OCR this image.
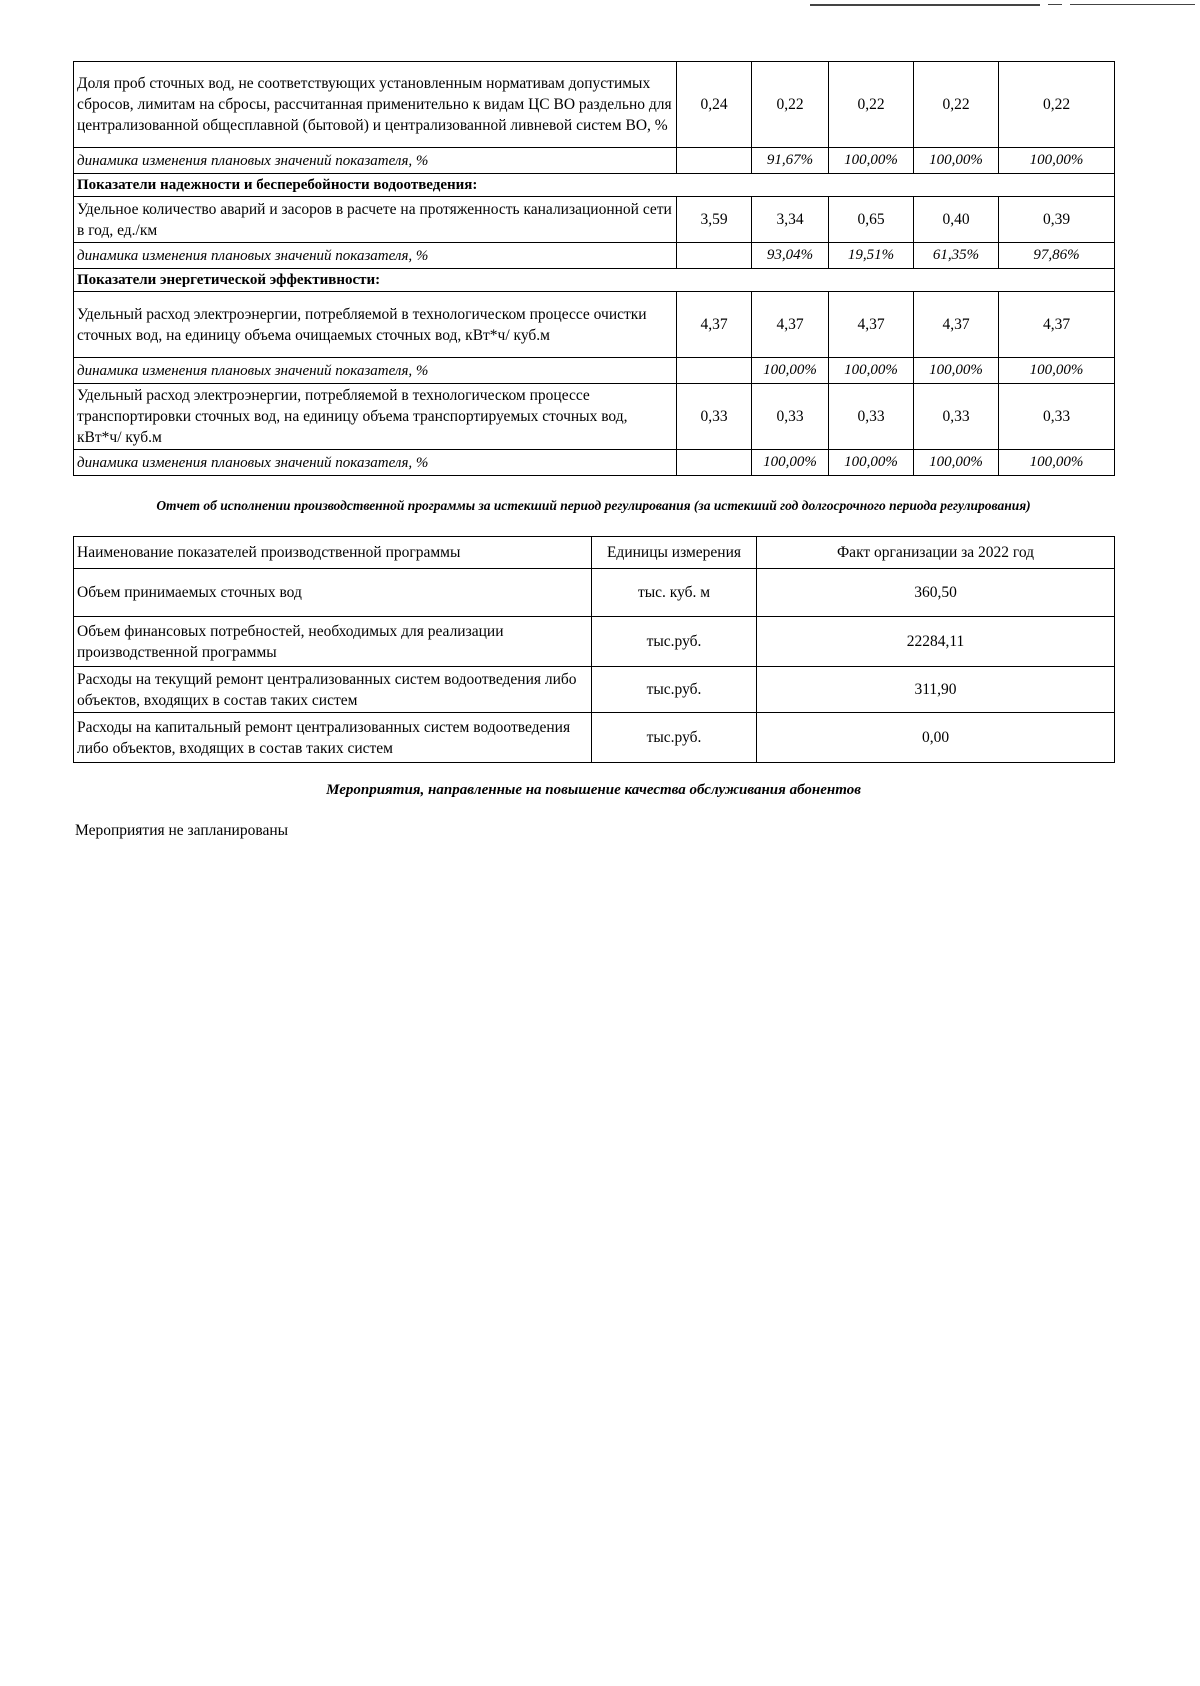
Доля проб сточных вод, не соответствующих установленным нормативам допустимых сбросов, лимитам на сбросы, рассчитанная применительно к видам ЦС ВО раздельно для централизованной общесплавной (бытовой) и централизованной ливневой систем ВО, %	0,24	0,22	0,22	0,22	0,22
динамика изменения плановых значений показателя, %		91,67%	100,00%	100,00%	100,00%
Показатели надежности и бесперебойности водоотведения:					
Удельное количество аварий и засоров в расчете на протяженность канализационной сети в год, ед./км	3,59	3,34	0,65	0,40	0,39
динамика изменения плановых значений показателя, %		93,04%	19,51%	61,35%	97,86%
Показатели энергетической эффективности:					
Удельный расход электроэнергии, потребляемой в технологическом процессе очистки сточных вод, на единицу объема очищаемых сточных вод, кВт*ч/ куб.м	4,37	4,37	4,37	4,37	4,37
динамика изменения плановых значений показателя, %		100,00%	100,00%	100,00%	100,00%
Удельный расход электроэнергии, потребляемой в технологическом процессе транспортировки сточных вод, на единицу объема транспортируемых сточных вод, кВт*ч/ куб.м	0,33	0,33	0,33	0,33	0,33
динамика изменения плановых значений показателя, %		100,00%	100,00%	100,00%	100,00%
Отчет об исполнении производственной программы за истекший период регулирования (за истекший год долгосрочного периода регулирования)
Наименование показателей производственной программы	Единицы измерения	Факт организации за 2022 год
Объем принимаемых сточных вод	тыс. куб. м	360,50
Объем финансовых потребностей, необходимых для реализации производственной программы	тыс.руб.	22284,11
Расходы на текущий ремонт централизованных систем водоотведения либо объектов, входящих в состав таких систем	тыс.руб.	311,90
Расходы на капитальный ремонт централизованных систем водоотведения либо объектов, входящих в состав таких систем	тыс.руб.	0,00
Мероприятия, направленные на повышение качества обслуживания абонентов
Мероприятия не запланированы
